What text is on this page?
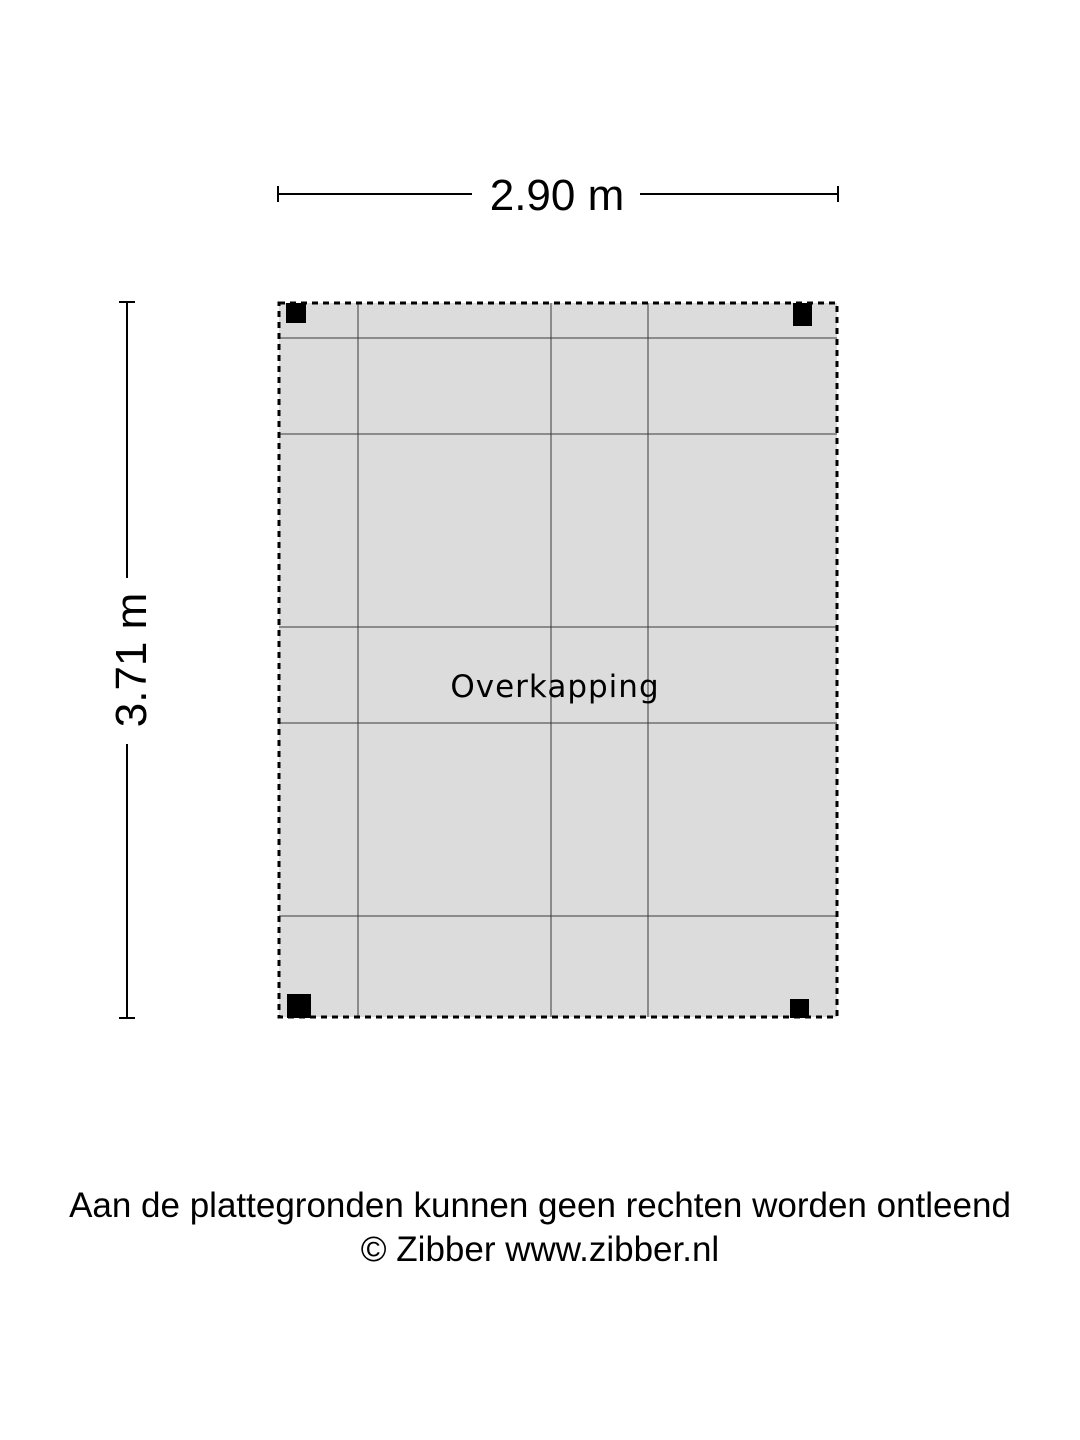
2.90 m
3.71 m	Overkapping
Aan de plattegronden kunnen geen rechten worden ontleend
© Zibber www.zibber.nl
